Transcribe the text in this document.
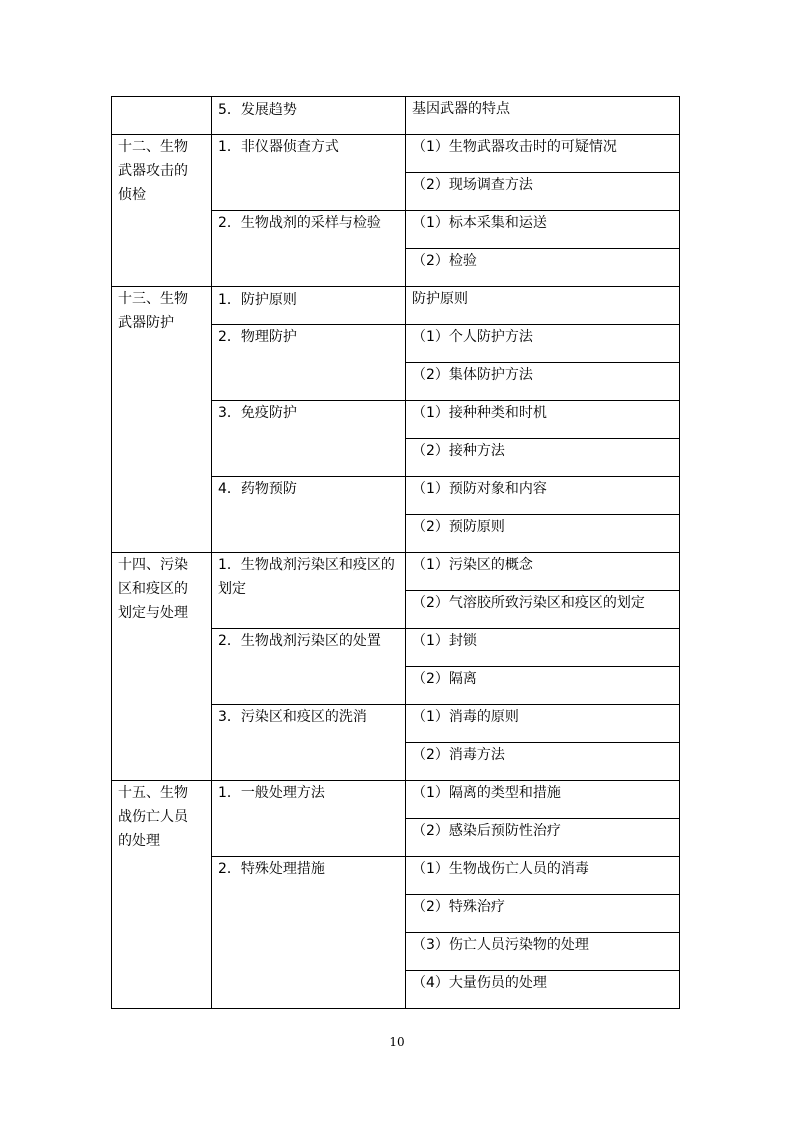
	5．发展趋势	基因武器的特点

十二、生物武器攻击的侦检	1．非仪器侦查方式	（1）生物武器攻击时的可疑情况
		（2）现场调查方法
	2．生物战剂的采样与检验	（1）标本采集和运送
		（2）检验

十三、生物武器防护	1．防护原则	防护原则
	2．物理防护	（1）个人防护方法
		（2）集体防护方法
	3．免疫防护	（1）接种种类和时机
		（2）接种方法
	4．药物预防	（1）预防对象和内容
		（2）预防原则

十四、污染区和疫区的划定与处理	1．生物战剂污染区和疫区的划定	（1）污染区的概念
		（2）气溶胶所致污染区和疫区的划定
	2．生物战剂污染区的处置	（1）封锁
		（2）隔离
	3．污染区和疫区的洗消	（1）消毒的原则
		（2）消毒方法

十五、生物战伤亡人员的处理	1．一般处理方法	（1）隔离的类型和措施
		（2）感染后预防性治疗
	2．特殊处理措施	（1）生物战伤亡人员的消毒
		（2）特殊治疗
		（3）伤亡人员污染物的处理
		（4）大量伤员的处理
10
